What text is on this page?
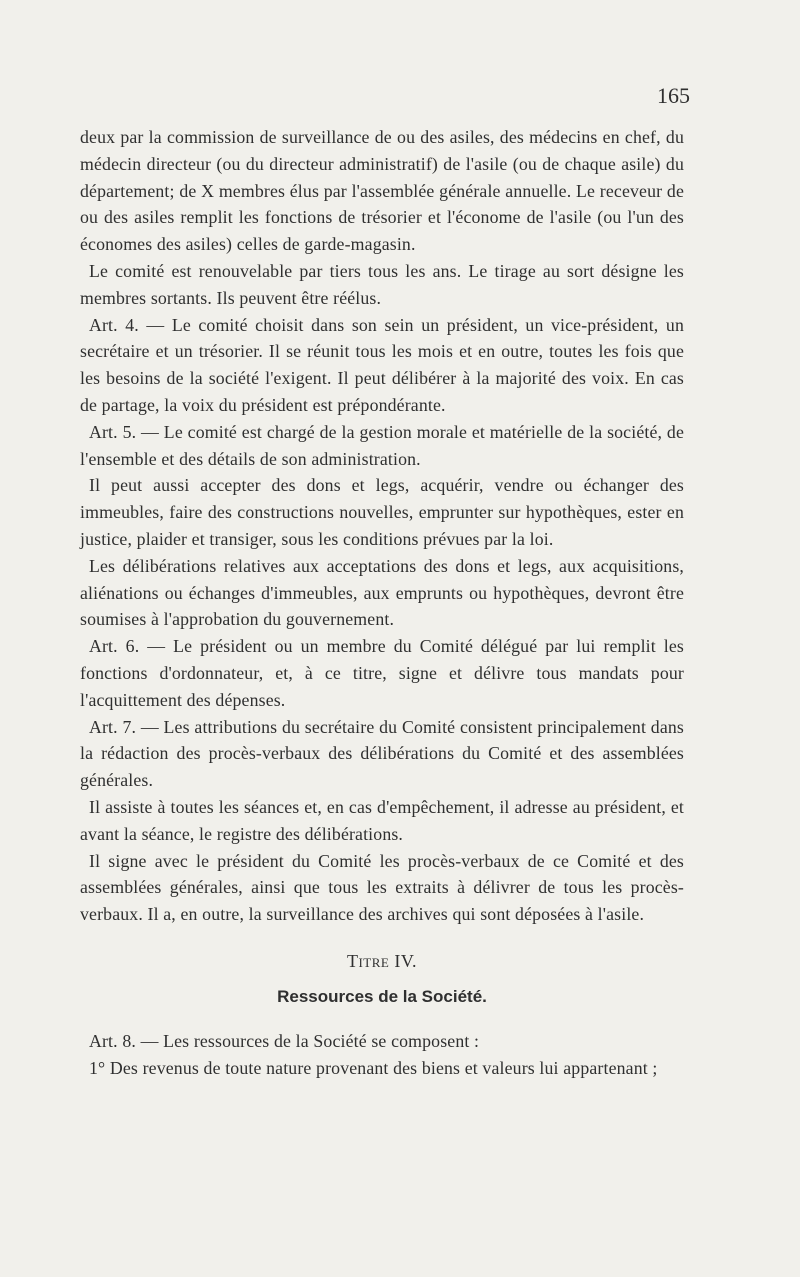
165

deux par la commission de surveillance de ou des asiles, des médecins en chef, du médecin directeur (ou du directeur administratif) de l'asile (ou de chaque asile) du département; de X membres élus par l'assemblée générale annuelle. Le receveur de ou des asiles remplit les fonctions de trésorier et l'économe de l'asile (ou l'un des économes des asiles) celles de garde-magasin.

Le comité est renouvelable par tiers tous les ans. Le tirage au sort désigne les membres sortants. Ils peuvent être réélus.

Art. 4. — Le comité choisit dans son sein un président, un vice-président, un secrétaire et un trésorier. Il se réunit tous les mois et en outre, toutes les fois que les besoins de la société l'exigent. Il peut délibérer à la majorité des voix. En cas de partage, la voix du président est prépondérante.

Art. 5. — Le comité est chargé de la gestion morale et matérielle de la société, de l'ensemble et des détails de son administration.

Il peut aussi accepter des dons et legs, acquérir, vendre ou échanger des immeubles, faire des constructions nouvelles, emprunter sur hypothèques, ester en justice, plaider et transiger, sous les conditions prévues par la loi.

Les délibérations relatives aux acceptations des dons et legs, aux acquisitions, aliénations ou échanges d'immeubles, aux emprunts ou hypothèques, devront être soumises à l'approbation du gouvernement.

Art. 6. — Le président ou un membre du Comité délégué par lui remplit les fonctions d'ordonnateur, et, à ce titre, signe et délivre tous mandats pour l'acquittement des dépenses.

Art. 7. — Les attributions du secrétaire du Comité consistent principalement dans la rédaction des procès-verbaux des délibérations du Comité et des assemblées générales.

Il assiste à toutes les séances et, en cas d'empêchement, il adresse au président, et avant la séance, le registre des délibérations.

Il signe avec le président du Comité les procès-verbaux de ce Comité et des assemblées générales, ainsi que tous les extraits à délivrer de tous les procès-verbaux. Il a, en outre, la surveillance des archives qui sont déposées à l'asile.

Titre IV.
Ressources de la Société.

Art. 8. — Les ressources de la Société se composent :

1° Des revenus de toute nature provenant des biens et valeurs lui appartenant ;
